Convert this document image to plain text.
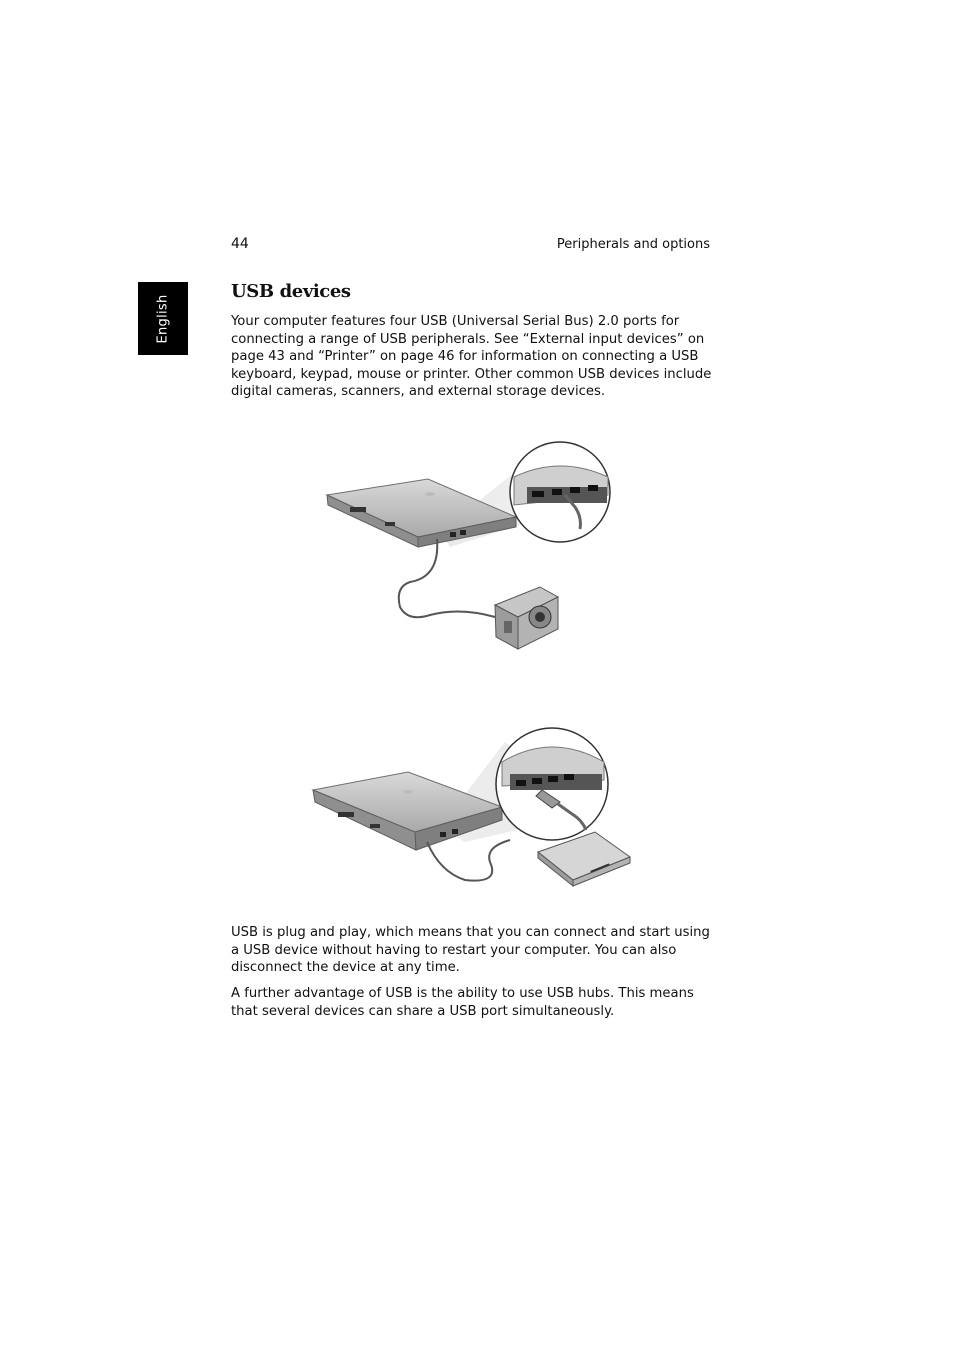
44	Peripherals and options
English
USB devices

Your computer features four USB (Universal Serial Bus) 2.0 ports for connecting a range of USB peripherals. See “External input devices” on page 43 and “Printer” on page 46 for information on connecting a USB keyboard, keypad, mouse or printer. Other common USB devices include digital cameras, scanners, and external storage devices.

USB is plug and play, which means that you can connect and start using a USB device without having to restart your computer. You can also disconnect the device at any time.

A further advantage of USB is the ability to use USB hubs. This means that several devices can share a USB port simultaneously.
